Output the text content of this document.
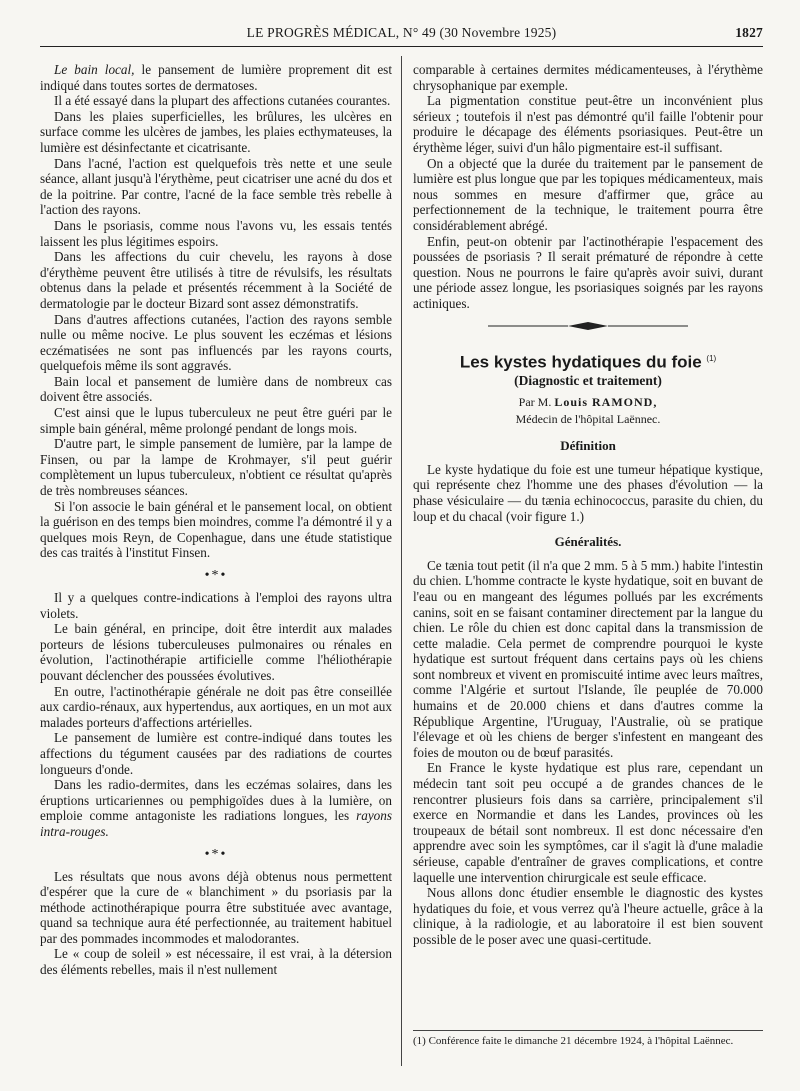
LE PROGRÈS MÉDICAL, N° 49 (30 Novembre 1925)	1827

Le bain local, le pansement de lumière proprement dit est indiqué dans toutes sortes de dermatoses.

Il a été essayé dans la plupart des affections cutanées courantes.

Dans les plaies superficielles, les brûlures, les ulcères en surface comme les ulcères de jambes, les plaies ecthymateuses, la lumière est désinfectante et cicatrisante.

Dans l'acné, l'action est quelquefois très nette et une seule séance, allant jusqu'à l'érythème, peut cicatriser une acné du dos et de la poitrine. Par contre, l'acné de la face semble très rebelle à l'action des rayons.

Dans le psoriasis, comme nous l'avons vu, les essais tentés laissent les plus légitimes espoirs.

Dans les affections du cuir chevelu, les rayons à dose d'érythème peuvent être utilisés à titre de révulsifs, les résultats obtenus dans la pelade et présentés récemment à la Société de dermatologie par le docteur Bizard sont assez démonstratifs.

Dans d'autres affections cutanées, l'action des rayons semble nulle ou même nocive. Le plus souvent les eczémas et lésions eczématisées ne sont pas influencés par les rayons courts, quelquefois même ils sont aggravés.

Bain local et pansement de lumière dans de nombreux cas doivent être associés.

C'est ainsi que le lupus tuberculeux ne peut être guéri par le simple bain général, même prolongé pendant de longs mois.

D'autre part, le simple pansement de lumière, par la lampe de Finsen, ou par la lampe de Krohmayer, s'il peut guérir complètement un lupus tuberculeux, n'obtient ce résultat qu'après de très nombreuses séances.

Si l'on associe le bain général et le pansement local, on obtient la guérison en des temps bien moindres, comme l'a démontré il y a quelques mois Reyn, de Copenhague, dans une étude statistique des cas traités à l'institut Finsen.

•*•

Il y a quelques contre-indications à l'emploi des rayons ultra violets.

Le bain général, en principe, doit être interdit aux malades porteurs de lésions tuberculeuses pulmonaires ou rénales en évolution, l'actinothérapie artificielle comme l'héliothérapie pouvant déclencher des poussées évolutives.

En outre, l'actinothérapie générale ne doit pas être conseillée aux cardio-rénaux, aux hypertendus, aux aortiques, en un mot aux malades porteurs d'affections artérielles.

Le pansement de lumière est contre-indiqué dans toutes les affections du tégument causées par des radiations de courtes longueurs d'onde.

Dans les radio-dermites, dans les eczémas solaires, dans les éruptions urticariennes ou pemphigoïdes dues à la lumière, on emploie comme antagoniste les radiations longues, les rayons intra-rouges.

•*•

Les résultats que nous avons déjà obtenus nous permettent d'espérer que la cure de « blanchiment » du psoriasis par la méthode actinothérapique pourra être substituée avec avantage, quand sa technique aura été perfectionnée, au traitement habituel par des pommades incommodes et malodorantes.

Le « coup de soleil » est nécessaire, il est vrai, à la détersion des éléments rebelles, mais il n'est nullement

comparable à certaines dermites médicamenteuses, à l'érythème chrysophanique par exemple.

La pigmentation constitue peut-être un inconvénient plus sérieux ; toutefois il n'est pas démontré qu'il faille l'obtenir pour produire le décapage des éléments psoriasiques. Peut-être un érythème léger, suivi d'un hâlo pigmentaire est-il suffisant.

On a objecté que la durée du traitement par le pansement de lumière est plus longue que par les topiques médicamenteux, mais nous sommes en mesure d'affirmer que, grâce au perfectionnement de la technique, le traitement pourra être considérablement abrégé.

Enfin, peut-on obtenir par l'actinothérapie l'espacement des poussées de psoriasis ? Il serait prématuré de répondre à cette question. Nous ne pourrons le faire qu'après avoir suivi, durant une période assez longue, les psoriasiques soignés par les rayons actiniques.

Les kystes hydatiques du foie $^{(1)}$
(Diagnostic et traitement)
Par M. Louis RAMOND,
Médecin de l'hôpital Laënnec.
Définition

Le kyste hydatique du foie est une tumeur hépatique kystique, qui représente chez l'homme une des phases d'évolution — la phase vésiculaire — du tænia echinococcus, parasite du chien, du loup et du chacal (voir figure 1.)

Généralités.

Ce tænia tout petit (il n'a que 2 mm. 5 à 5 mm.) habite l'intestin du chien. L'homme contracte le kyste hydatique, soit en buvant de l'eau ou en mangeant des légumes pollués par les excréments canins, soit en se faisant contaminer directement par la langue du chien. Le rôle du chien est donc capital dans la transmission de cette maladie. Cela permet de comprendre pourquoi le kyste hydatique est surtout fréquent dans certains pays où les chiens sont nombreux et vivent en promiscuité intime avec leurs maîtres, comme l'Algérie et surtout l'Islande, île peuplée de 70.000 humains et de 20.000 chiens et dans d'autres comme la République Argentine, l'Uruguay, l'Australie, où se pratique l'élevage et où les chiens de berger s'infestent en mangeant des foies de mouton ou de bœuf parasités.

En France le kyste hydatique est plus rare, cependant un médecin tant soit peu occupé a de grandes chances de le rencontrer plusieurs fois dans sa carrière, principalement s'il exerce en Normandie et dans les Landes, provinces où les troupeaux de bétail sont nombreux. Il est donc nécessaire d'en apprendre avec soin les symptômes, car il s'agit là d'une maladie sérieuse, capable d'entraîner de graves complications, et contre laquelle une intervention chirurgicale est seule efficace.

Nous allons donc étudier ensemble le diagnostic des kystes hydatiques du foie, et vous verrez qu'à l'heure actuelle, grâce à la clinique, à la radiologie, et au laboratoire il est bien souvent possible de le poser avec une quasi-certitude.

(1) Conférence faite le dimanche 21 décembre 1924, à l'hôpital Laënnec.
